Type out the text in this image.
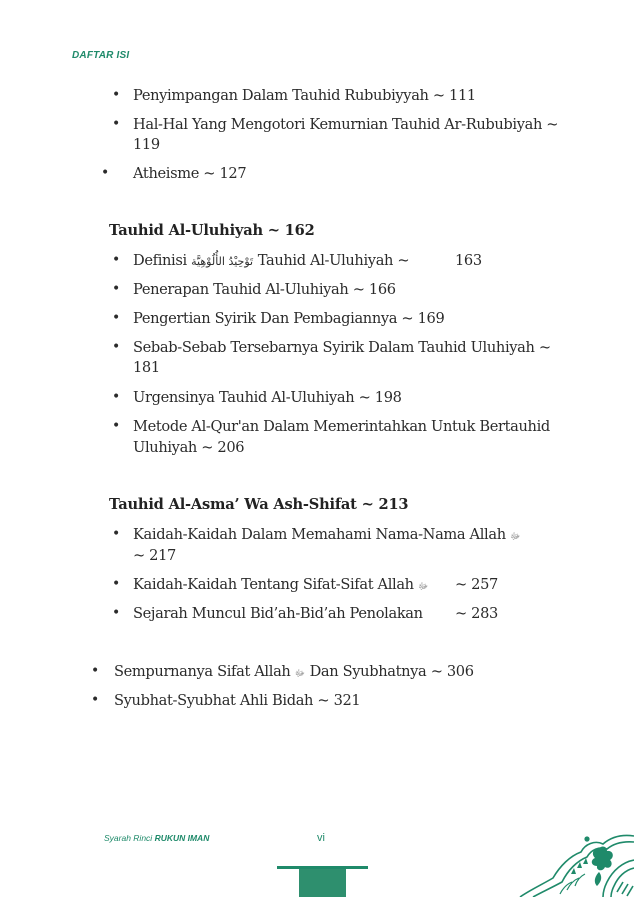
DAFTAR ISI
• Penyimpangan Dalam Tauhid Rububiyyah ~ 111
• Hal-Hal Yang Mengotori Kemurnian Tauhid Ar-Rububiyah ~
119
• Atheisme ~ 127
Tauhid Al-Uluhiyah ~ 162
• Definisi تَوْحِيْدُ الأُلُوْهِيَّة Tauhid Al-Uluhiyah ~	163
• Penerapan Tauhid Al-Uluhiyah ~ 166
• Pengertian Syirik Dan Pembagiannya ~ 169
• Sebab-Sebab Tersebarnya Syirik Dalam Tauhid Uluhiyah ~
181
• Urgensinya Tauhid Al-Uluhiyah ~ 198
• Metode Al-Qur'an Dalam Memerintahkan Untuk Bertauhid
Uluhiyah ~ 206
Tauhid Al-Asma’ Wa Ash-Shifat ~ 213
• Kaidah-Kaidah Dalam Memahami Nama-Nama Allah ﷻ
~ 217
• Kaidah-Kaidah Tentang Sifat-Sifat Allah ﷻ ~ 257
• Sejarah Muncul Bid’ah-Bid’ah Penolakan ~ 283
• Sempurnanya Sifat Allah ﷻ Dan Syubhatnya ~ 306
• Syubhat-Syubhat Ahli Bidah ~ 321
Syarah Rinci RUKUN IMAN	vi
